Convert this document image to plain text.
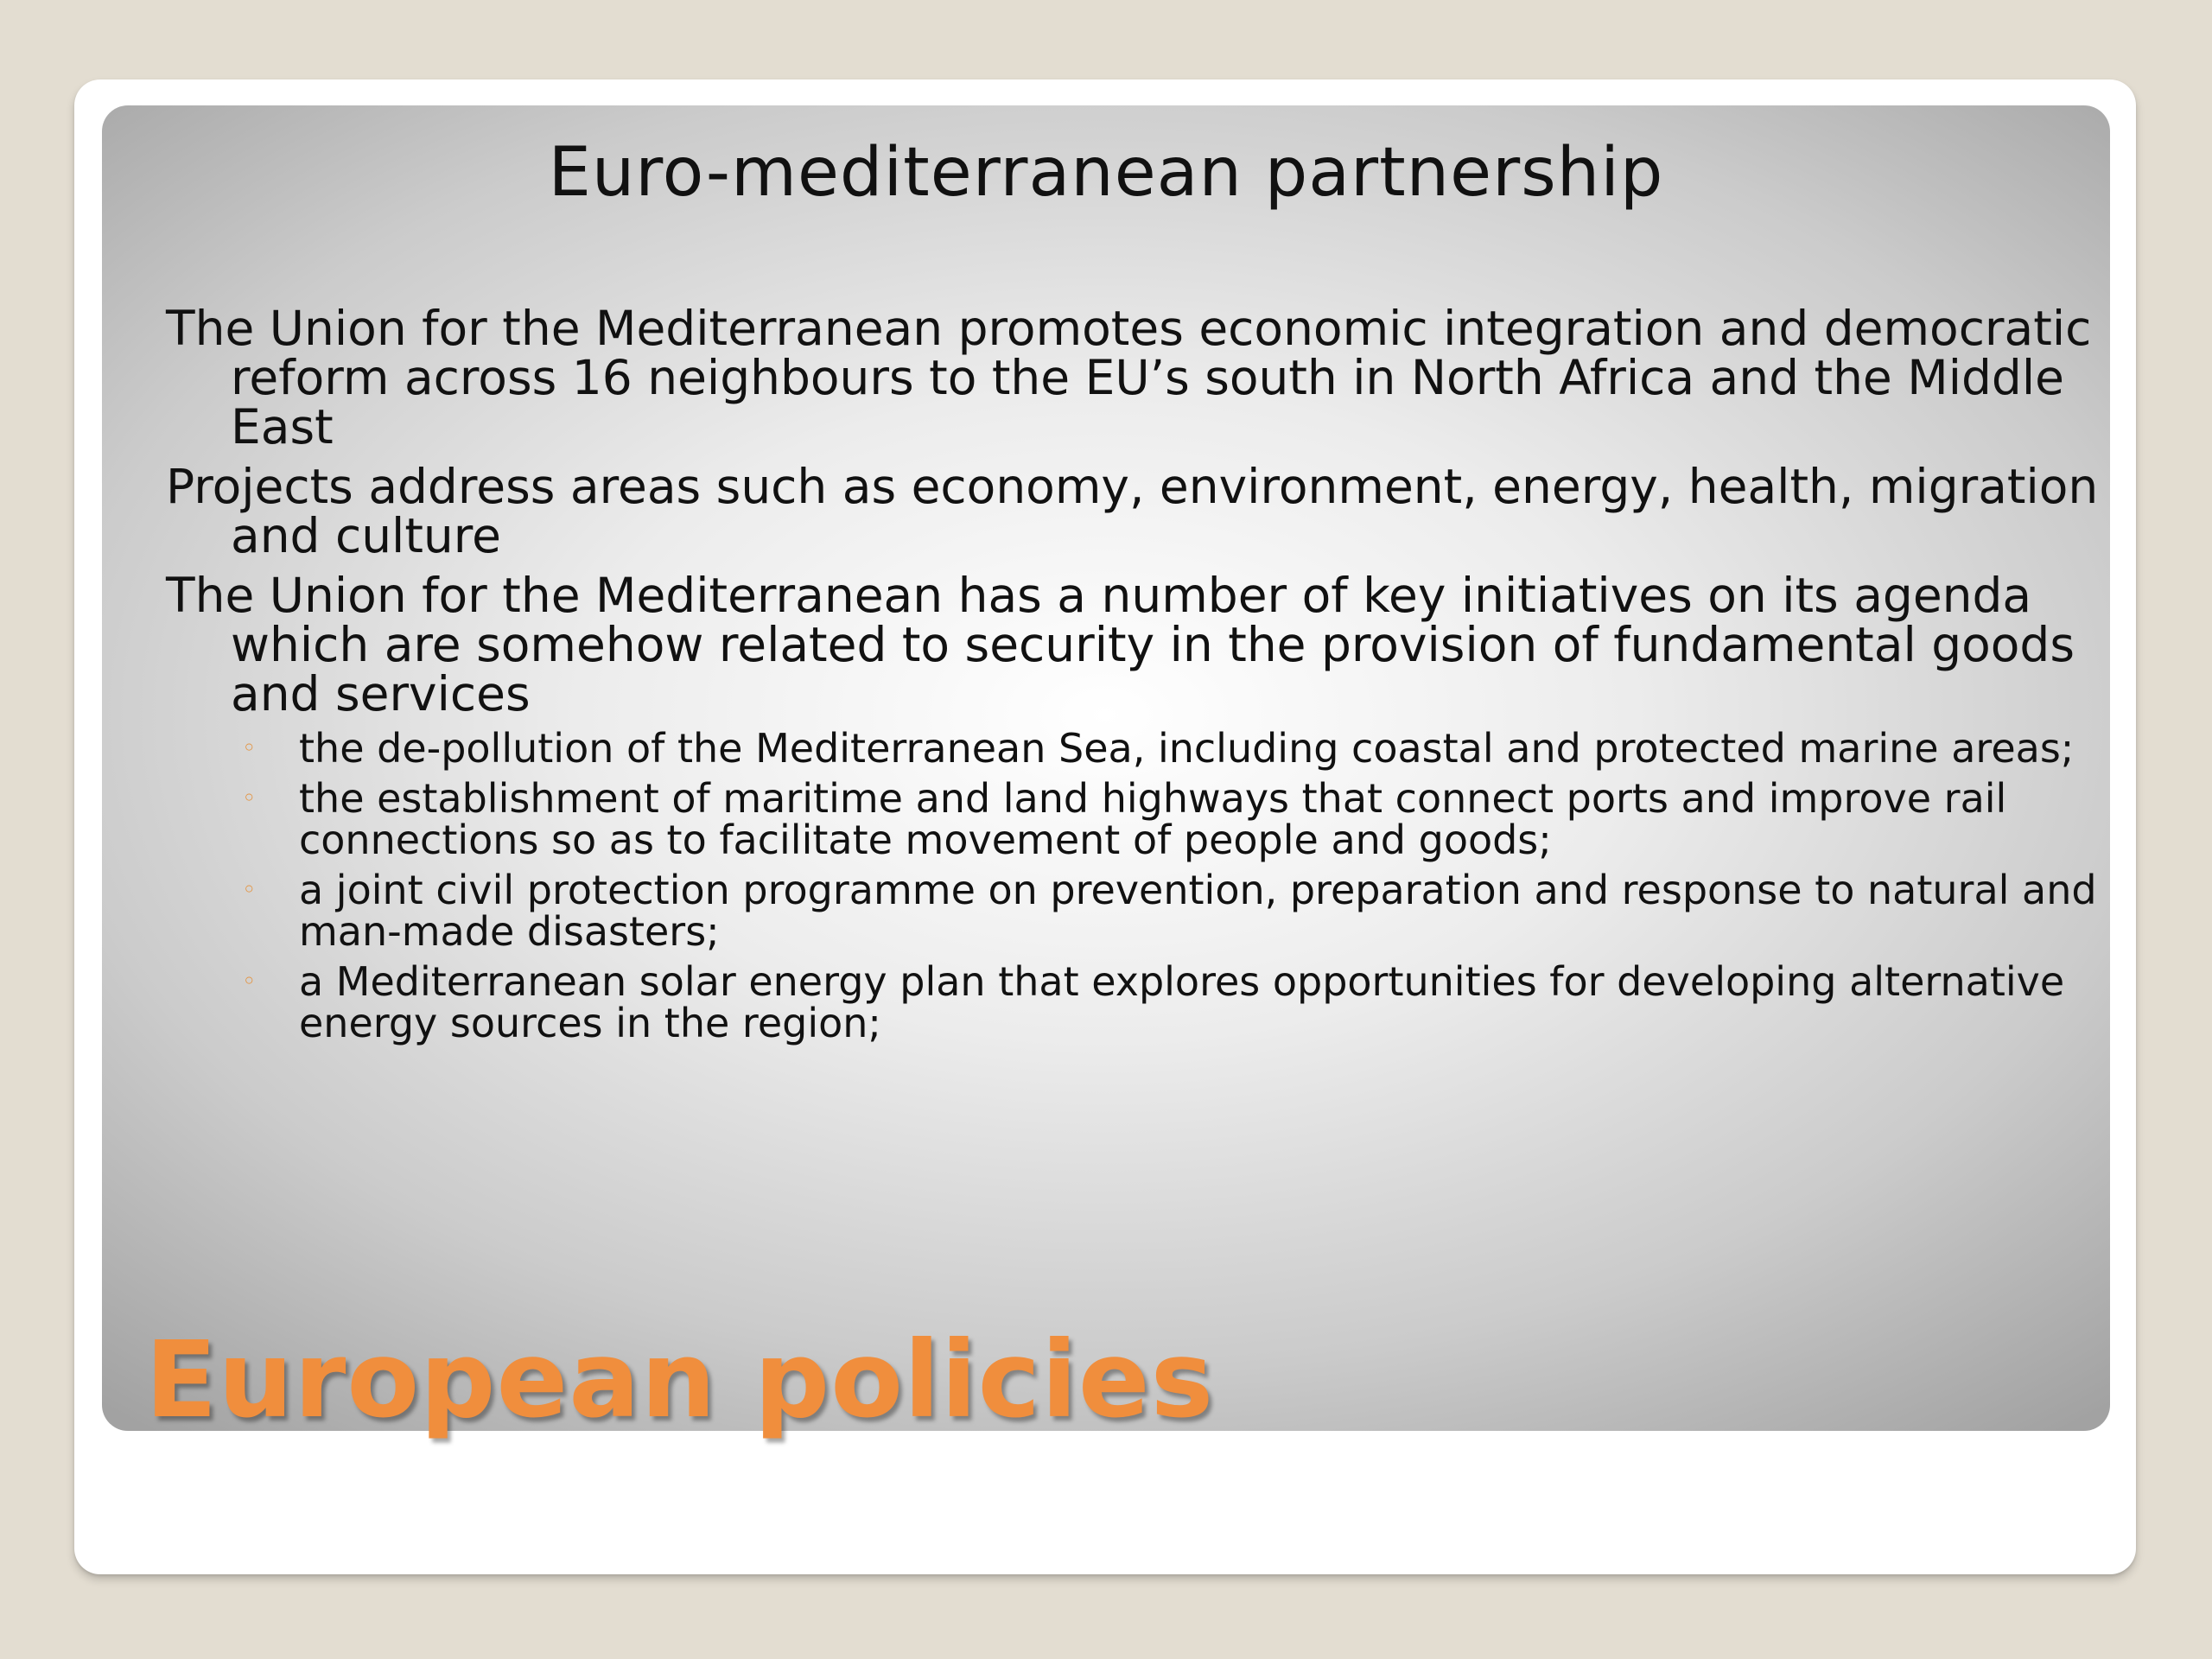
Euro-mediterranean partnership

The Union for the Mediterranean promotes economic integration and democratic reform across 16 neighbours to the EU’s south in North Africa and the Middle East

Projects address areas such as economy, environment, energy, health, migration and culture

The Union for the Mediterranean has a number of key initiatives on its agenda which are somehow related to security in the provision of fundamental goods and services

◦ the de-pollution of the Mediterranean Sea, including coastal and protected marine areas;
◦ the establishment of maritime and land highways that connect ports and improve rail connections so as to facilitate movement of people and goods;
◦ a joint civil protection programme on prevention, preparation and response to natural and man-made disasters;
◦ a Mediterranean solar energy plan that explores opportunities for developing alternative energy sources in the region;
European policies
